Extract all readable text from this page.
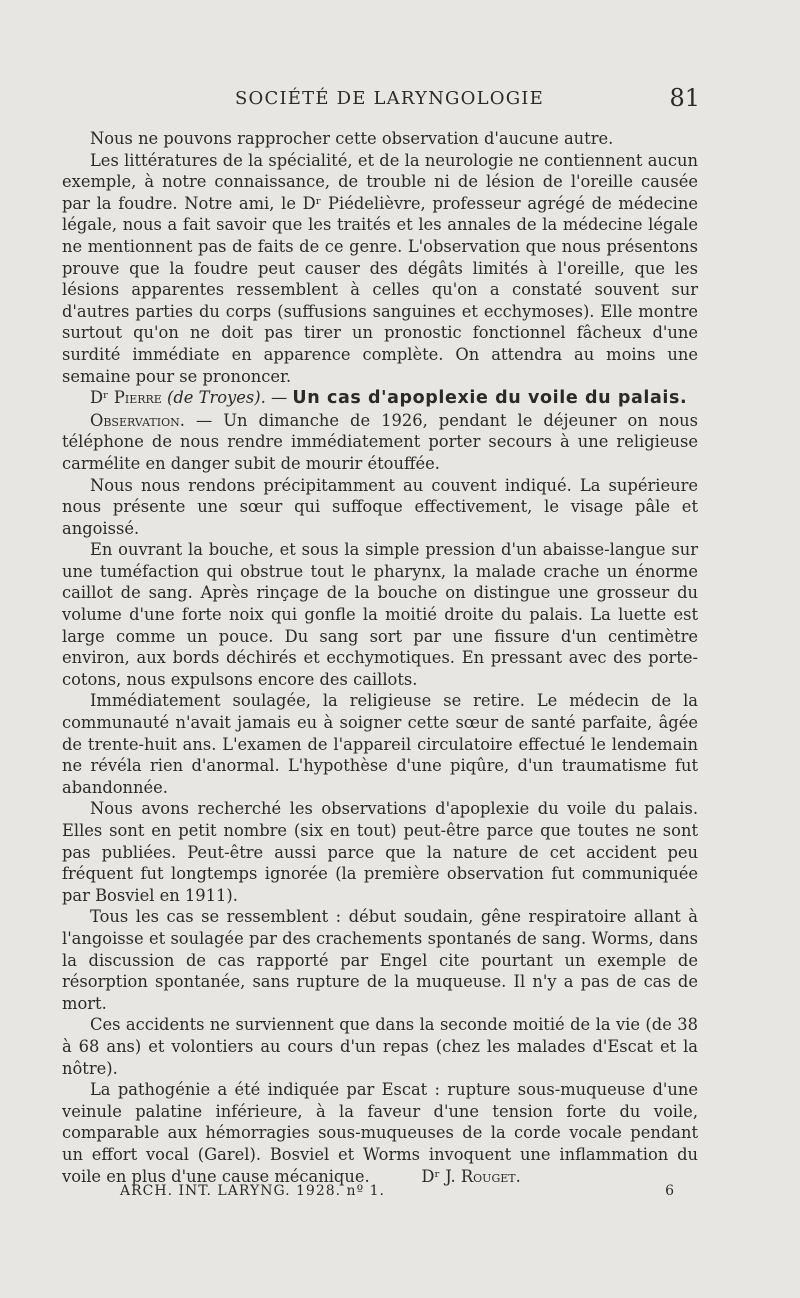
SOCIÉTÉ DE LARYNGOLOGIE	81

Nous ne pouvons rapprocher cette observation d'aucune autre.

Les littératures de la spécialité, et de la neurologie ne contiennent aucun exemple, à notre connaissance, de trouble ni de lésion de l'oreille causée par la foudre. Notre ami, le Dʳ Piédelièvre, professeur agrégé de médecine légale, nous a fait savoir que les traités et les annales de la médecine légale ne mentionnent pas de faits de ce genre. L'observation que nous présentons prouve que la foudre peut causer des dégâts limités à l'oreille, que les lésions apparentes ressemblent à celles qu'on a constaté souvent sur d'autres parties du corps (suffusions sanguines et ecchymoses). Elle montre surtout qu'on ne doit pas tirer un pronostic fonctionnel fâcheux d'une surdité immédiate en apparence complète. On attendra au moins une semaine pour se prononcer.

Dʳ Pierre (de Troyes). — Un cas d'apoplexie du voile du palais.

Observation. — Un dimanche de 1926, pendant le déjeuner on nous téléphone de nous rendre immédiatement porter secours à une religieuse carmélite en danger subit de mourir étouffée.

Nous nous rendons précipitamment au couvent indiqué. La supérieure nous présente une sœur qui suffoque effectivement, le visage pâle et angoissé.

En ouvrant la bouche, et sous la simple pression d'un abaisse-langue sur une tuméfaction qui obstrue tout le pharynx, la malade crache un énorme caillot de sang. Après rinçage de la bouche on distingue une grosseur du volume d'une forte noix qui gonfle la moitié droite du palais. La luette est large comme un pouce. Du sang sort par une fissure d'un centimètre environ, aux bords déchirés et ecchymotiques. En pressant avec des porte-cotons, nous expulsons encore des caillots.

Immédiatement soulagée, la religieuse se retire. Le médecin de la communauté n'avait jamais eu à soigner cette sœur de santé parfaite, âgée de trente-huit ans. L'examen de l'appareil circulatoire effectué le lendemain ne révéla rien d'anormal. L'hypothèse d'une piqûre, d'un traumatisme fut abandonnée.

Nous avons recherché les observations d'apoplexie du voile du palais. Elles sont en petit nombre (six en tout) peut-être parce que toutes ne sont pas publiées. Peut-être aussi parce que la nature de cet accident peu fréquent fut longtemps ignorée (la première observation fut communiquée par Bosviel en 1911).

Tous les cas se ressemblent : début soudain, gêne respiratoire allant à l'angoisse et soulagée par des crachements spontanés de sang. Worms, dans la discussion de cas rapporté par Engel cite pourtant un exemple de résorption spontanée, sans rupture de la muqueuse. Il n'y a pas de cas de mort.

Ces accidents ne surviennent que dans la seconde moitié de la vie (de 38 à 68 ans) et volontiers au cours d'un repas (chez les malades d'Escat et la nôtre).

La pathogénie a été indiquée par Escat : rupture sous-muqueuse d'une veinule palatine inférieure, à la faveur d'une tension forte du voile, comparable aux hémorragies sous-muqueuses de la corde vocale pendant un effort vocal (Garel). Bosviel et Worms invoquent une inflammation du voile en plus d'une cause mécanique.	Dʳ J. Rouget.

ARCH. INT. LARYNG. 1928. nº 1.	6
